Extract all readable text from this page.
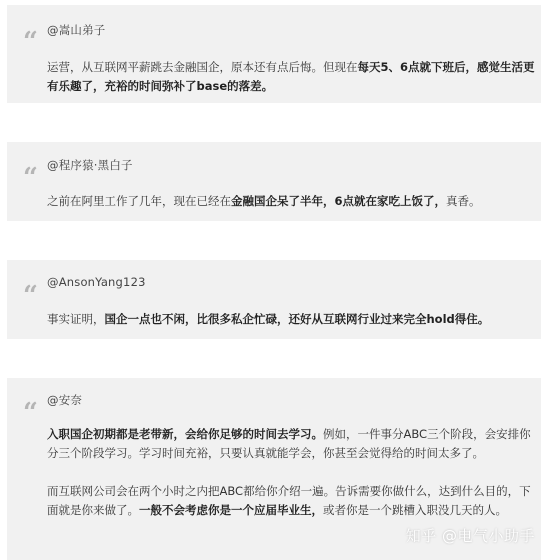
“ @嵩山弟子

运营，从互联网平薪跳去金融国企，原本还有点后悔。但现在每天5、6点就下班后，感觉生活更有乐趣了，充裕的时间弥补了base的落差。

“ @程序猿·黑白子

之前在阿里工作了几年，现在已经在金融国企呆了半年，6点就在家吃上饭了，真香。

“ @AnsonYang123

事实证明，国企一点也不闲，比很多私企忙碌，还好从互联网行业过来完全hold得住。

“ @安奈

入职国企初期都是老带新，会给你足够的时间去学习。例如，一件事分ABC三个阶段，会安排你分三个阶段学习。学习时间充裕，只要认真就能学会，你甚至会觉得给的时间太多了。

而互联网公司会在两个小时之内把ABC都给你介绍一遍。告诉需要你做什么，达到什么目的，下面就是你来做了。一般不会考虑你是一个应届毕业生，或者你是一个跳槽入职没几天的人。

知乎 @电气小助手
